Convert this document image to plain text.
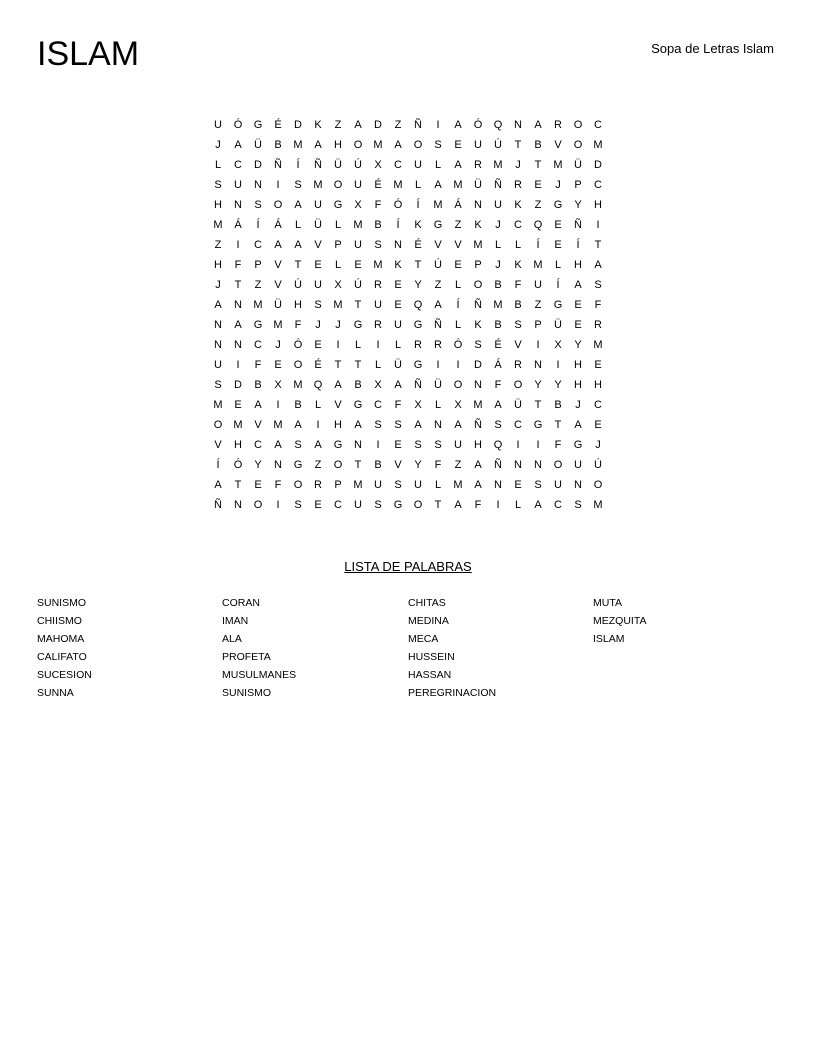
ISLAM	Sopa de Letras Islam
U	Ó	G	É	D	K	Z	A	D	Z	Ñ	I	A	Ó	Q	N	A	R	O	C
J	A	Ü	B	M	A	H	O	M	A	O	S	E	U	Ú	T	B	V	O	M
L	C	D	Ñ	Í	Ñ	Ü	Ú	X	C	U	L	A	R	M	J	T	M	Ü	D
S	U	N	I	S	M	O	U	É	M	L	A	M	Ü	Ñ	R	E	J	P	C
H	N	S	O	A	U	G	X	F	Ó	Í	M	Á	N	U	K	Z	G	Y	H
M	Á	Í	Á	L	Ü	L	M	B	Í	K	G	Z	K	J	C	Q	E	Ñ	I
Z	I	C	A	A	V	P	U	S	N	É	V	V	M	L	L	Í	E	Í	T
H	F	P	V	T	E	L	E	M	K	T	Ú	E	P	J	K	M	L	H	A
J	T	Z	V	Ú	U	X	Ú	R	E	Y	Z	L	O	B	F	U	Í	A	S
A	N	M	Ü	H	S	M	T	U	E	Q	A	Í	Ñ	M	B	Z	G	E	F
N	A	G	M	F	J	J	G	R	U	G	Ñ	L	K	B	S	P	Ü	E	R
N	N	C	J	Ó	E	I	L	I	L	R	R	Ó	S	É	V	I	X	Y	M
U	I	F	E	O	É	T	T	L	Ü	G	I	I	D	Á	R	N	I	H	E
S	D	B	X	M	Q	A	B	X	A	Ñ	Ü	O	N	F	O	Y	Y	H	H
M	E	A	I	B	L	V	G	C	F	X	L	X	M	A	Ü	T	B	J	C
O	M	V	M	A	I	H	A	S	S	A	N	A	Ñ	S	C	G	T	A	E
V	H	C	A	S	A	G	N	I	E	S	S	U	H	Q	I	I	F	G	J
Í	Ó	Y	N	G	Z	O	T	B	V	Y	F	Z	A	Ñ	N	N	O	U	Ú
A	T	E	F	O	R	P	M	U	S	U	L	M	A	N	E	S	U	N	O
Ñ	N	O	I	S	E	C	U	S	G	O	T	A	F	I	L	A	C	S	M
LISTA DE PALABRAS
SUNISMO
CHIISMO
MAHOMA
CALIFATO
SUCESION
SUNNA
CORAN
IMAN
ALA
PROFETA
MUSULMANES
SUNISMO
CHITAS
MEDINA
MECA
HUSSEIN
HASSAN
PEREGRINACION
MUTA
MEZQUITA
ISLAM
